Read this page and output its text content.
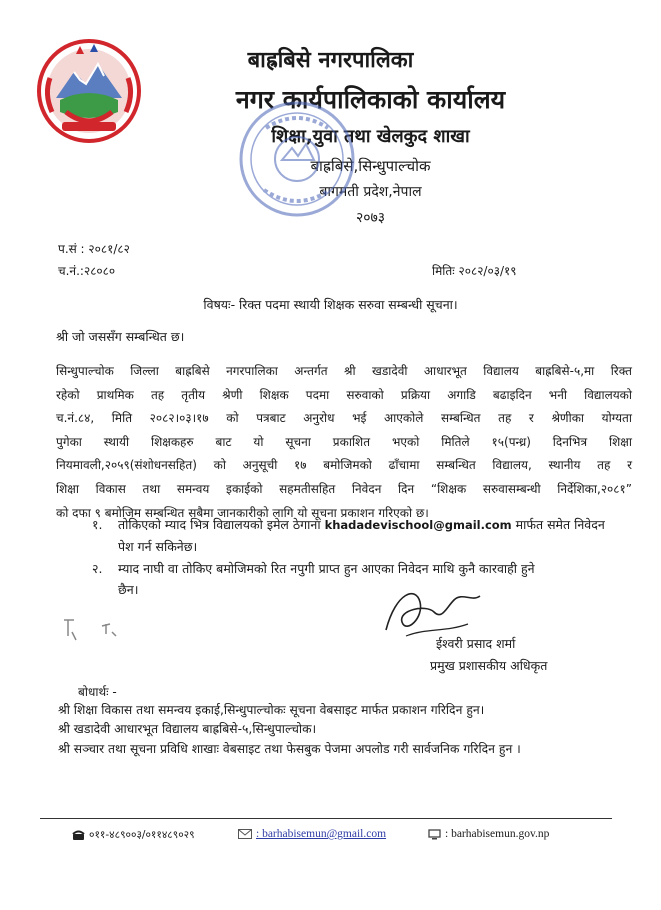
बाह्रबिसे नगरपालिका
नगर कार्यपालिकाको कार्यालय
शिक्षा,युवा तथा खेलकुद शाखा
बाह्रबिसे,सिन्धुपाल्चोक
बागमती प्रदेश,नेपाल
२०७३
प.सं : २०८१/८२
च.नं.:२८०८०	मितिः २०८२/०३/१९
विषयः- रिक्त पदमा स्थायी शिक्षक सरुवा सम्बन्धी सूचना।
श्री जो जससँग सम्बन्धित छ।
सिन्धुपाल्चोक जिल्ला बाह्रबिसे नगरपालिका अन्तर्गत श्री खडादेवी आधारभूत विद्यालय बाह्रबिसे-५,मा रिक्त
रहेको प्राथमिक तह तृतीय श्रेणी शिक्षक पदमा सरुवाको प्रक्रिया अगाडि बढाइदिन भनी विद्यालयको
च.नं.८४, मिति २०८२।०३।१७ को पत्रबाट अनुरोध भई आएकोले सम्बन्धित तह र श्रेणीका योग्यता
पुगेका स्थायी शिक्षकहरु बाट यो सूचना प्रकाशित भएको मितिले १५(पन्ध्र) दिनभित्र शिक्षा
नियमावली,२०५९(संशोधनसहित) को अनुसूची १७ बमोजिमको ढाँचामा सम्बन्धित विद्यालय, स्थानीय तह र
शिक्षा विकास तथा समन्वय इकाईको सहमतीसहित निवेदन दिन “शिक्षक सरुवासम्बन्धी निर्देशिका,२०८१”
को दफा ९ बमोजिम सम्बन्धित सबैमा जानकारीको लागि यो सूचना प्रकाशन गरिएको छ।
१. तोकिएको म्याद भित्र विद्यालयको इमेल ठेगाना khadadevischool@gmail.com मार्फत समेत निवेदन
पेश गर्न सकिनेछ।
२. म्याद नाघी वा तोकिए बमोजिमको रित नपुगी प्राप्त हुन आएका निवेदन माथि कुनै कारवाही हुने
छैन।
ईश्वरी प्रसाद शर्मा
प्रमुख प्रशासकीय अधिकृत
बोधार्थः -
श्री शिक्षा विकास तथा समन्वय इकाई,सिन्धुपाल्चोकः सूचना वेबसाइट मार्फत प्रकाशन गरिदिन हुन।
श्री खडादेवी आधारभूत विद्यालय बाह्रबिसे-५,सिन्धुपाल्चोक।
श्री सञ्चार तथा सूचना प्रविधि शाखाः वेबसाइट तथा फेसबुक पेजमा अपलोड गरी सार्वजनिक गरिदिन हुन ।
०११-४८९००३/०११४८९०२९	: barhabisemun@gmail.com	: barhabisemun.gov.np
